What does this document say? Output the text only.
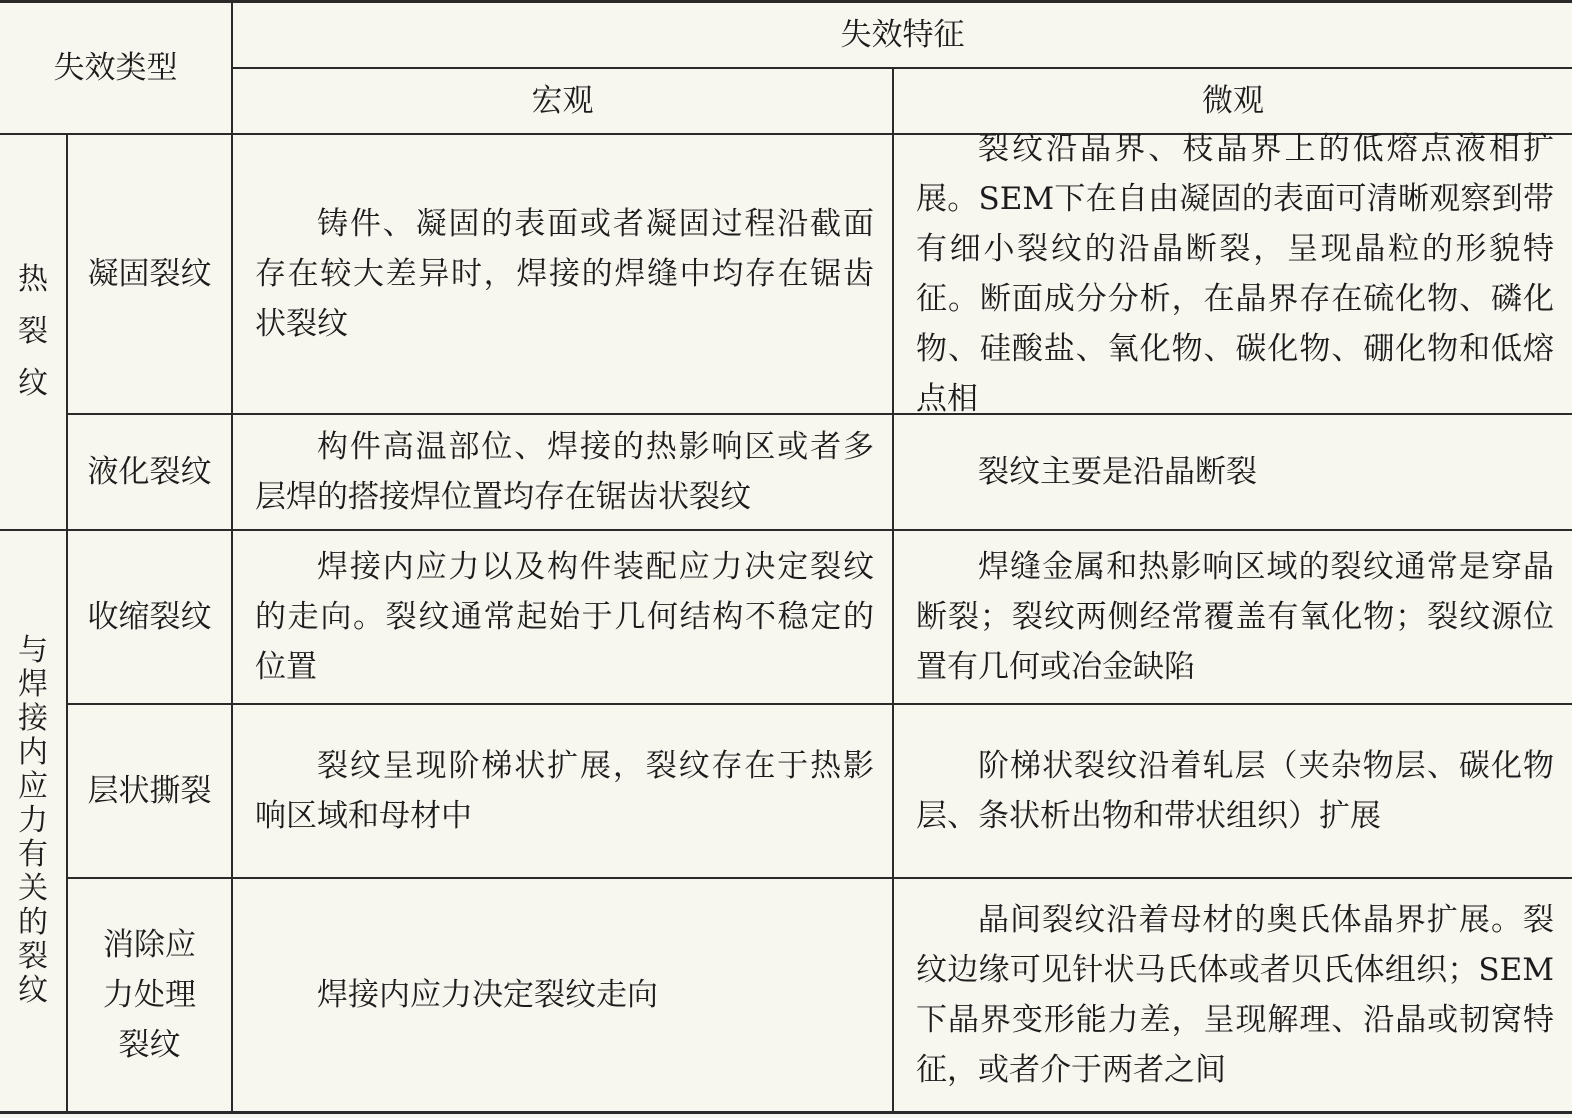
失效类型
失效特征
宏观	微观
热裂纹
与焊接内应力有关的裂纹
凝固裂纹
铸件、凝固的表面或者凝固过程沿截面存在较大差异时，焊接的焊缝中均存在锯齿状裂纹
裂纹沿晶界、枝晶界上的低熔点液相扩展。SEM下在自由凝固的表面可清晰观察到带有细小裂纹的沿晶断裂，呈现晶粒的形貌特征。断面成分分析，在晶界存在硫化物、磷化物、硅酸盐、氧化物、碳化物、硼化物和低熔点相
液化裂纹
构件高温部位、焊接的热影响区或者多层焊的搭接焊位置均存在锯齿状裂纹
裂纹主要是沿晶断裂
收缩裂纹
焊接内应力以及构件装配应力决定裂纹的走向。裂纹通常起始于几何结构不稳定的位置
焊缝金属和热影响区域的裂纹通常是穿晶断裂；裂纹两侧经常覆盖有氧化物；裂纹源位置有几何或冶金缺陷
层状撕裂
裂纹呈现阶梯状扩展，裂纹存在于热影响区域和母材中
阶梯状裂纹沿着轧层（夹杂物层、碳化物层、条状析出物和带状组织）扩展
消除应力处理裂纹
焊接内应力决定裂纹走向
晶间裂纹沿着母材的奥氏体晶界扩展。裂纹边缘可见针状马氏体或者贝氏体组织；SEM下晶界变形能力差，呈现解理、沿晶或韧窝特征，或者介于两者之间
